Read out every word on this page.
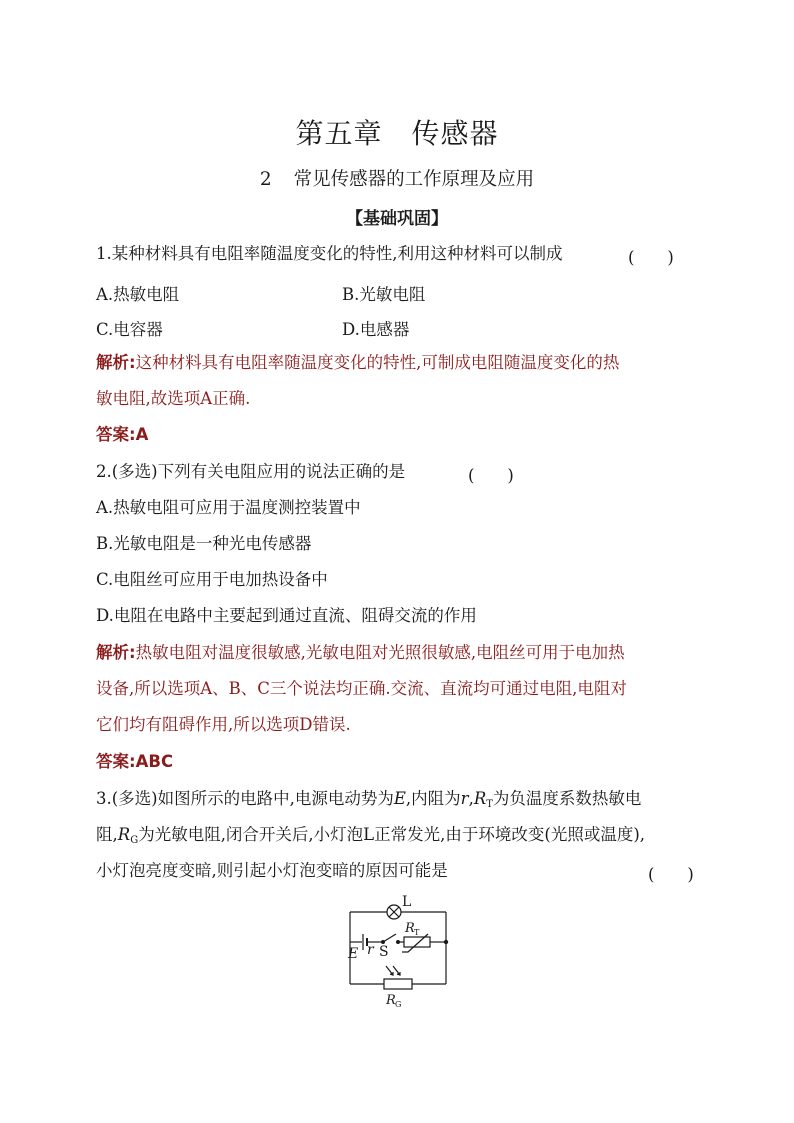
第五章　传感器
2 常见传感器的工作原理及应用
【基础巩固】
1.某种材料具有电阻率随温度变化的特性,利用这种材料可以制成	(　　)
A.热敏电阻	B.光敏电阻
C.电容器	D.电感器
解析:这种材料具有电阻率随温度变化的特性,可制成电阻随温度变化的热
敏电阻,故选项A正确.
答案:A
2.(多选)下列有关电阻应用的说法正确的是	(　　)
A.热敏电阻可应用于温度测控装置中
B.光敏电阻是一种光电传感器
C.电阻丝可应用于电加热设备中
D.电阻在电路中主要起到通过直流、阻碍交流的作用
解析:热敏电阻对温度很敏感,光敏电阻对光照很敏感,电阻丝可用于电加热
设备,所以选项A、B、C三个说法均正确.交流、直流均可通过电阻,电阻对
它们均有阻碍作用,所以选项D错误.
答案:ABC
3.(多选)如图所示的电路中,电源电动势为E,内阻为$r,R_T$为负温度系数热敏电
阻$,R_G$为光敏电阻,闭合开关后,小灯泡L正常发光,由于环境改变(光照或温度),
小灯泡亮度变暗,则引起小灯泡变暗的原因可能是	(　　)
L
E r S
R T
R G
